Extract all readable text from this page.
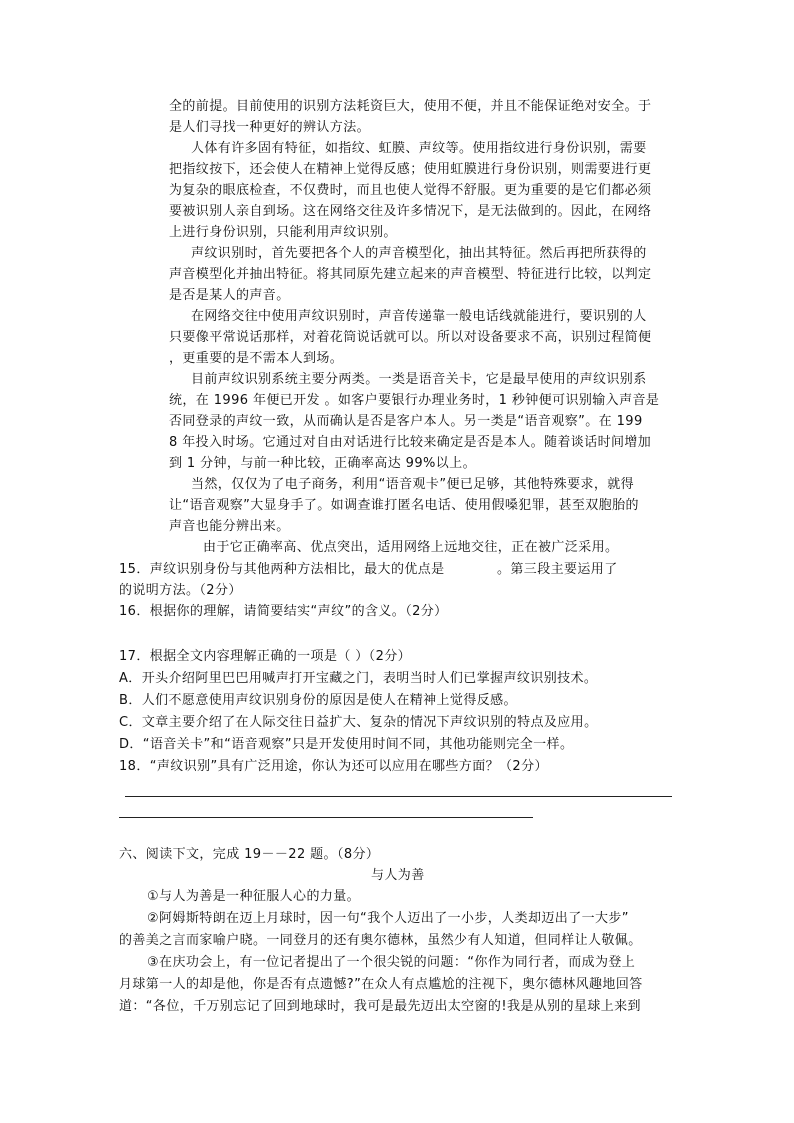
全的前提。目前使用的识别方法耗资巨大，使用不便，并且不能保证绝对安全。于
是人们寻找一种更好的辨认方法。
人体有许多固有特征，如指纹、虹膜、声纹等。使用指纹进行身份识别，需要
把指纹按下，还会使人在精神上觉得反感；使用虹膜进行身份识别，则需要进行更
为复杂的眼底检查，不仅费时，而且也使人觉得不舒服。更为重要的是它们都必须
要被识别人亲自到场。这在网络交往及许多情况下，是无法做到的。因此，在网络
上进行身份识别，只能利用声纹识别。
声纹识别时，首先要把各个人的声音模型化，抽出其特征。然后再把所获得的
声音模型化并抽出特征。将其同原先建立起来的声音模型、特征进行比较，以判定
是否是某人的声音。
在网络交往中使用声纹识别时，声音传递靠一般电话线就能进行，要识别的人
只要像平常说话那样，对着花筒说话就可以。所以对设备要求不高，识别过程简便
，更重要的是不需本人到场。
目前声纹识别系统主要分两类。一类是语音关卡，它是最早使用的声纹识别系
统，在 1996 年便已开发 。如客户要银行办理业务时，1 秒钟便可识别输入声音是
否同登录的声纹一致，从而确认是否是客户本人。另一类是“语音观察”。在 199
8 年投入时场。它通过对自由对话进行比较来确定是否是本人。随着谈话时间增加
到 1 分钟，与前一种比较，正确率高达 99%以上。
当然，仅仅为了电子商务，利用“语音观卡”便已足够，其他特殊要求，就得
让“语音观察”大显身手了。如调查谁打匿名电话、使用假嗓犯罪，甚至双胞胎的
声音也能分辨出来。
由于它正确率高、优点突出，适用网络上远地交往，正在被广泛采用。
15．声纹识别身份与其他两种方法相比，最大的优点是	。第三段主要运用了
的说明方法。（2分）
16．根据你的理解，请简要结实“声纹”的含义。（2分）
17．根据全文内容理解正确的一项是（ ）（2分）
A．开头介绍阿里巴巴用喊声打开宝藏之门，表明当时人们已掌握声纹识别技术。
B．人们不愿意使用声纹识别身份的原因是使人在精神上觉得反感。
C．文章主要介绍了在人际交往日益扩大、复杂的情况下声纹识别的特点及应用。
D．“语音关卡”和“语音观察”只是开发使用时间不同，其他功能则完全一样。
18．“声纹识别”具有广泛用途，你认为还可以应用在哪些方面？（2分）
六、阅读下文，完成 19－－22 题。（8分）
与人为善
①与人为善是一种征服人心的力量。
②阿姆斯特朗在迈上月球时，因一句“我个人迈出了一小步，人类却迈出了一大步”
的善美之言而家喻户晓。一同登月的还有奥尔德林，虽然少有人知道，但同样让人敬佩。
③在庆功会上，有一位记者提出了一个很尖锐的问题：“你作为同行者，而成为登上
月球第一人的却是他，你是否有点遗憾?”在众人有点尴尬的注视下，奥尔德林风趣地回答
道：“各位，千万别忘记了回到地球时，我可是最先迈出太空窗的!我是从别的星球上来到
